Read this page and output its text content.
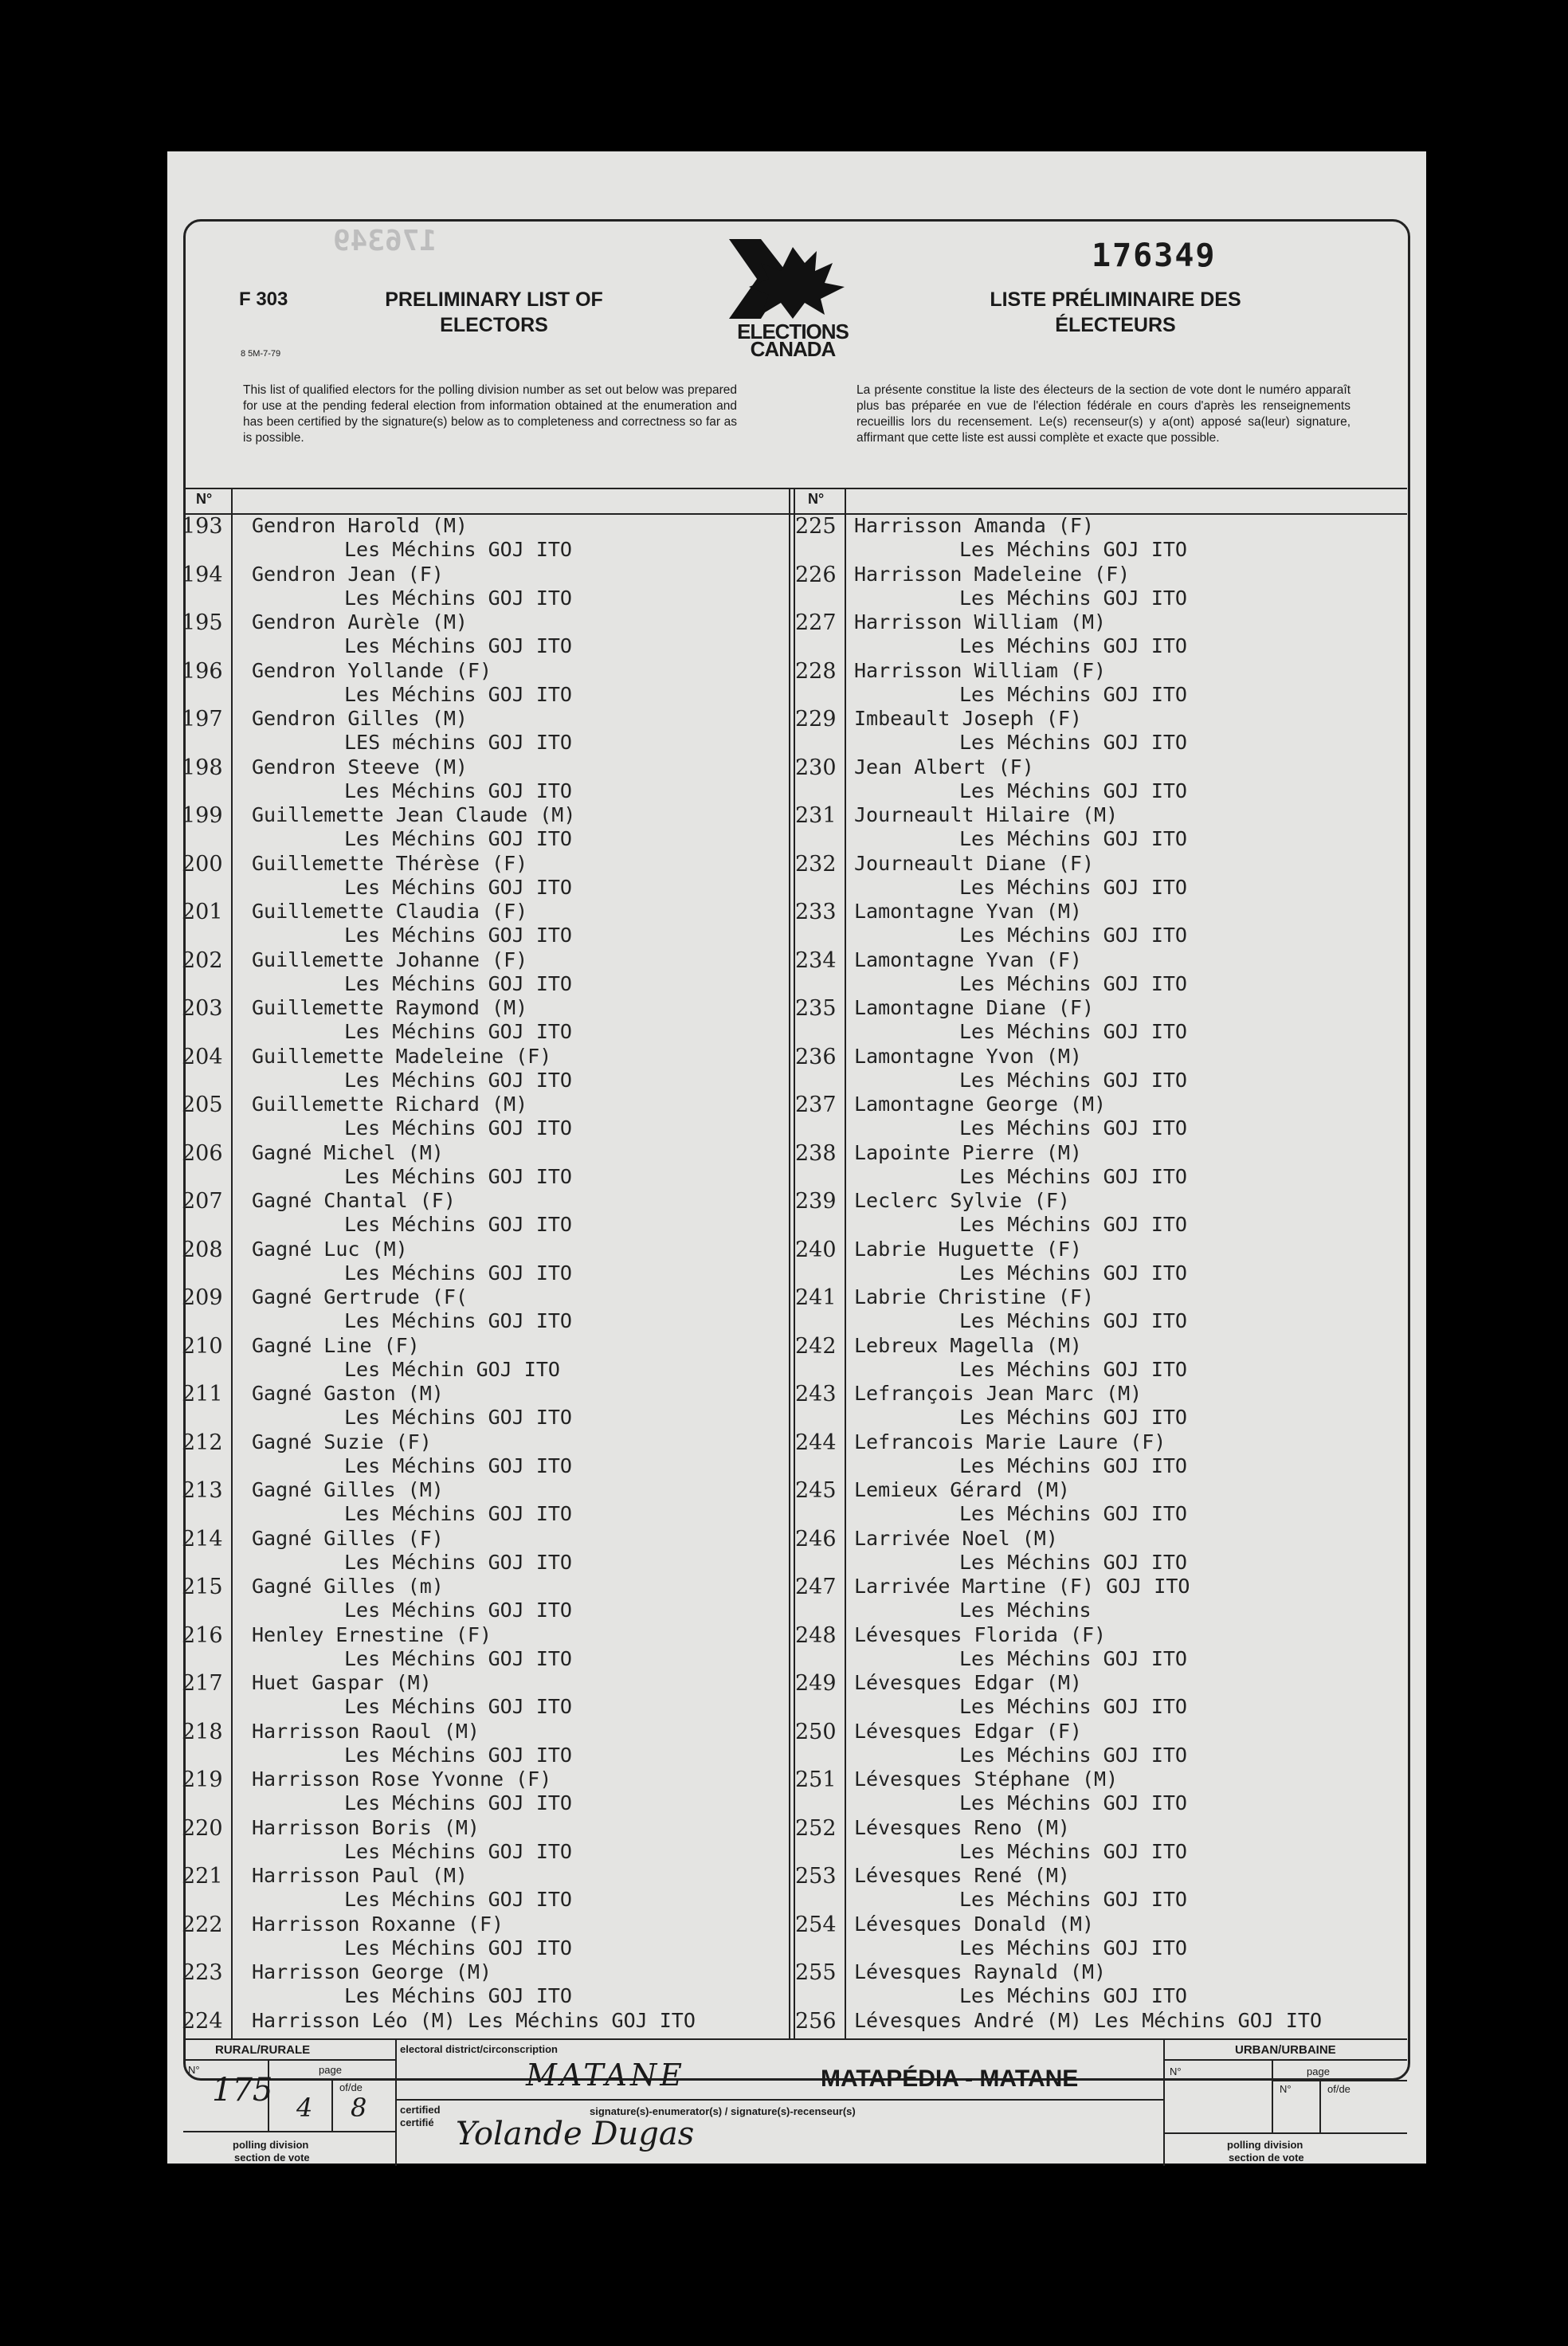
176349
F 303
8 5M-7-79
PRELIMINARY LIST OF
ELECTORS	ELECTIONS
CANADA
176349
LISTE PRÉLIMINAIRE DES
ÉLECTEURS
This list of qualified electors for the polling division number as set out below was prepared for use at the pending federal election from information obtained at the enumeration and has been certified by the signature(s) below as to completeness and correctness so far as is possible.
La présente constitue la liste des électeurs de la section de vote dont le numéro apparaît plus bas préparée en vue de l'élection fédérale en cours d'après les renseignements recueillis lors du recensement. Le(s) recenseur(s) y a(ont) apposé sa(leur) signature, affirmant que cette liste est aussi complète et exacte que possible.
N°	N°
193	Gendron Harold (M)
Les Méchins GOJ ITO
194	Gendron Jean (F)
Les Méchins GOJ ITO
195	Gendron Aurèle (M)
Les Méchins GOJ ITO
196	Gendron Yollande (F)
Les Méchins GOJ ITO
197	Gendron Gilles (M)
LES méchins GOJ ITO
198	Gendron Steeve (M)
Les Méchins GOJ ITO
199	Guillemette Jean Claude (M)
Les Méchins GOJ ITO
200	Guillemette Thérèse (F)
Les Méchins GOJ ITO
201	Guillemette Claudia (F)
Les Méchins GOJ ITO
202	Guillemette Johanne (F)
Les Méchins GOJ ITO
203	Guillemette Raymond (M)
Les Méchins GOJ ITO
204	Guillemette Madeleine (F)
Les Méchins GOJ ITO
205	Guillemette Richard (M)
Les Méchins GOJ ITO
206	Gagné Michel (M)
Les Méchins GOJ ITO
207	Gagné Chantal (F)
Les Méchins GOJ ITO
208	Gagné Luc (M)
Les Méchins GOJ ITO
209	Gagné Gertrude (F(
Les Méchins GOJ ITO
210	Gagné Line (F)
Les Méchin GOJ ITO
211	Gagné Gaston (M)
Les Méchins GOJ ITO
212	Gagné Suzie (F)
Les Méchins GOJ ITO
213	Gagné Gilles (M)
Les Méchins GOJ ITO
214	Gagné Gilles (F)
Les Méchins GOJ ITO
215	Gagné Gilles (m)
Les Méchins GOJ ITO
216	Henley Ernestine (F)
Les Méchins GOJ ITO
217	Huet Gaspar (M)
Les Méchins GOJ ITO
218	Harrisson Raoul (M)
Les Méchins GOJ ITO
219	Harrisson Rose Yvonne (F)
Les Méchins GOJ ITO
220	Harrisson Boris (M)
Les Méchins GOJ ITO
221	Harrisson Paul (M)
Les Méchins GOJ ITO
222	Harrisson Roxanne (F)
Les Méchins GOJ ITO
223	Harrisson George (M)
Les Méchins GOJ ITO
224	Harrisson Léo (M) Les Méchins GOJ ITO
225 Harrisson Amanda (F)
Les Méchins GOJ ITO
226 Harrisson Madeleine (F)
Les Méchins GOJ ITO
227 Harrisson William (M)
Les Méchins GOJ ITO
228 Harrisson William (F)
Les Méchins GOJ ITO
229 Imbeault Joseph (F)
Les Méchins GOJ ITO
230 Jean Albert (F)
Les Méchins GOJ ITO
231 Journeault Hilaire (M)
Les Méchins GOJ ITO
232 Journeault Diane (F)
Les Méchins GOJ ITO
233 Lamontagne Yvan (M)
Les Méchins GOJ ITO
234 Lamontagne Yvan (F)
Les Méchins GOJ ITO
235 Lamontagne Diane (F)
Les Méchins GOJ ITO
236 Lamontagne Yvon (M)
Les Méchins GOJ ITO
237 Lamontagne George (M)
Les Méchins GOJ ITO
238 Lapointe Pierre (M)
Les Méchins GOJ ITO
239 Leclerc Sylvie (F)
Les Méchins GOJ ITO
240 Labrie Huguette (F)
Les Méchins GOJ ITO
241 Labrie Christine (F)
Les Méchins GOJ ITO
242 Lebreux Magella (M)
Les Méchins GOJ ITO
243 Lefrançois Jean Marc (M)
Les Méchins GOJ ITO
244 Lefrancois Marie Laure (F)
Les Méchins GOJ ITO
245 Lemieux Gérard (M)
Les Méchins GOJ ITO
246 Larrivée Noel (M)
Les Méchins GOJ ITO
247 Larrivée Martine (F) GOJ ITO
Les Méchins
248 Lévesques Florida (F)
Les Méchins GOJ ITO
249 Lévesques Edgar (M)
Les Méchins GOJ ITO
250 Lévesques Edgar (F)
Les Méchins GOJ ITO
251 Lévesques Stéphane (M)
Les Méchins GOJ ITO
252 Lévesques Reno (M)
Les Méchins GOJ ITO
253 Lévesques René (M)
Les Méchins GOJ ITO
254 Lévesques Donald (M)
Les Méchins GOJ ITO
255 Lévesques Raynald (M)
Les Méchins GOJ ITO
256 Lévesques André (M) Les Méchins GOJ ITO
RURAL/RURALE
N°	page
of/de
175 4 8
polling division
section de vote
electoral district/circonscription
MATANE	MATAPÉDIA - MATANE
certified
certifié
signature(s)-enumerator(s) / signature(s)-recenseur(s)
Yolande Dugas
URBAN/URBAINE
N°	page
N°	of/de
polling division
section de vote
